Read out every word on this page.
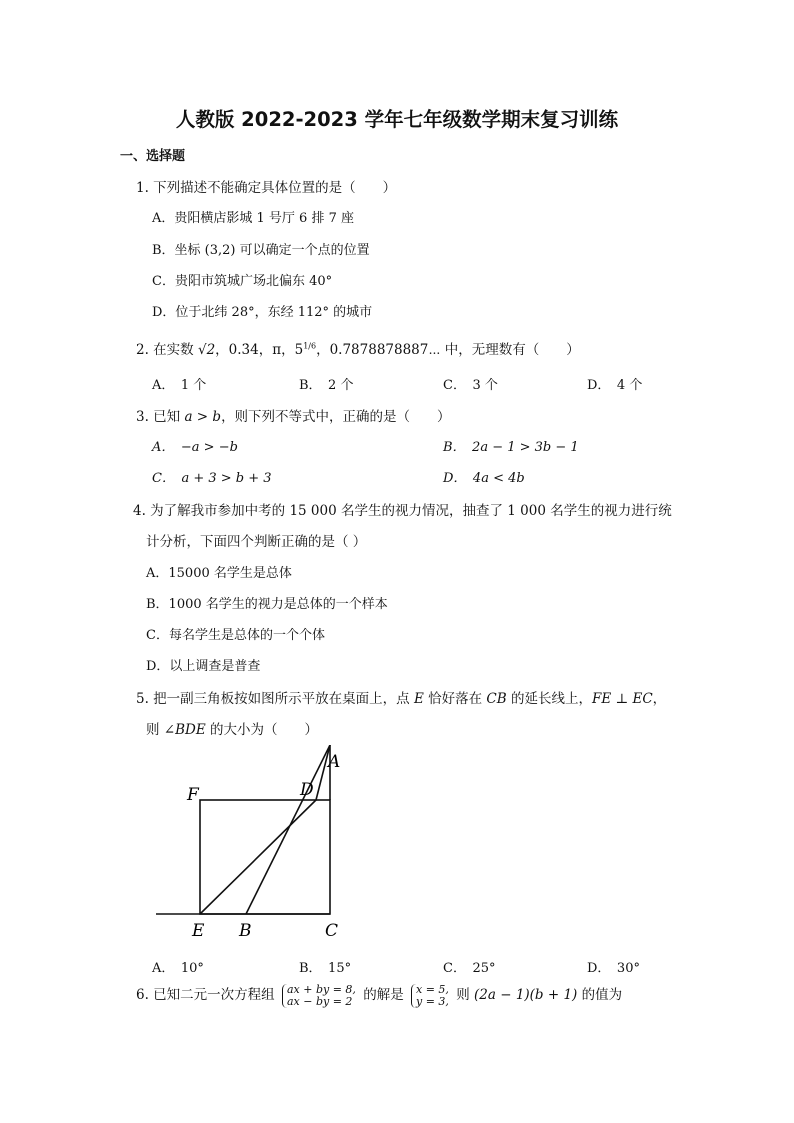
人教版 2022-2023 学年七年级数学期末复习训练
一、选择题
1. 下列描述不能确定具体位置的是（　　）
A．贵阳横店影城 1 号厅 6 排 7 座
B．坐标 (3,2) 可以确定一个点的位置
C．贵阳市筑城广场北偏东 40°
D．位于北纬 28°，东经 112° 的城市
2. 在实数 √2，0.3̇4̇，π，$5^{1/6}$，0.7878878887⋯ 中，无理数有（　　）
A．　1 个	B．　2 个	C．　3 个	D．　4 个
3. 已知 a > b，则下列不等式中，正确的是（　　）
A．　−a > −b	B．　2a − 1 > 3b − 1
C．　a + 3 > b + 3	D．　4a < 4b
4. 为了解我市参加中考的 15 000 名学生的视力情况，抽查了 1 000 名学生的视力进行统
计分析，下面四个判断正确的是（ ）
A．15000 名学生是总体
B．1000 名学生的视力是总体的一个样本
C．每名学生是总体的一个个体
D．以上调查是普查
5. 把一副三角板按如图所示平放在桌面上，点 E 恰好落在 CB 的延长线上，FE ⊥ EC，
则 ∠BDE 的大小为（　　）
A
F	D
E B	C
A．　10°	B．　15°	C．　25°	D．　30°
6. 已知二元一次方程组 ax + by = 8,
ax − by = 2 的解是 x = 5,
y = 3, 则 (2a − 1)(b + 1) 的值为
